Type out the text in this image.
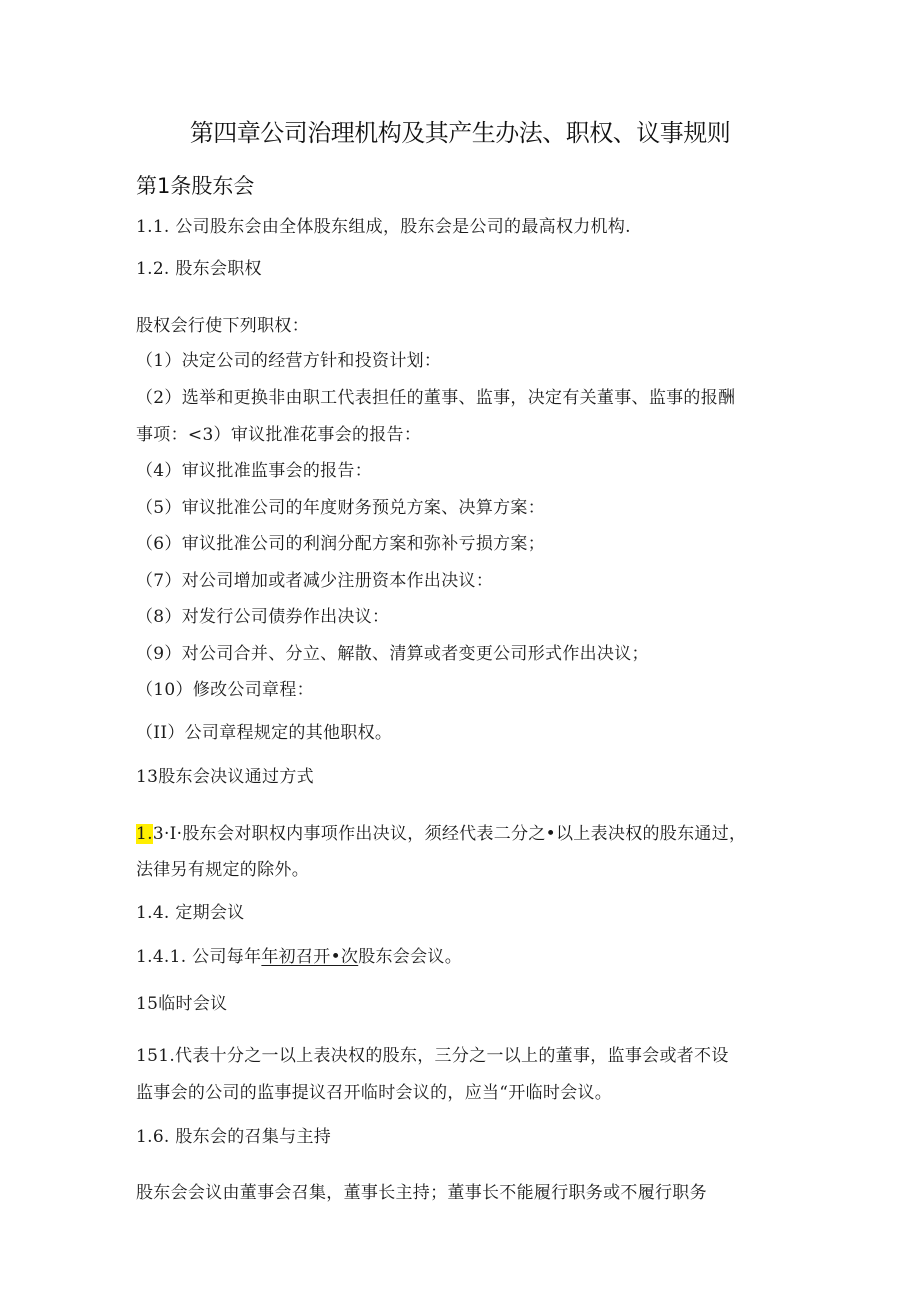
第四章公司治理机构及其产生办法、职权、议事规则
第1条股东会
1.1. 公司股东会由全体股东组成，股东会是公司的最高权力机构.
1.2. 股东会职权
股权会行使下列职权：
（1）决定公司的经营方针和投资计划：
（2）选举和更换非由职工代表担任的董事、监事，决定有关董事、监事的报酬
事项：<3）审议批准花事会的报告：
（4）审议批准监事会的报告：
（5）审议批准公司的年度财务预兑方案、决算方案：
（6）审议批准公司的利润分配方案和弥补亏损方案；
（7）对公司增加或者减少注册资本作出决议：
（8）对发行公司债券作出决议：
（9）对公司合并、分立、解散、清算或者变更公司形式作出决议；
（10）修改公司章程：
（II）公司章程规定的其他职权。
13股东会决议通过方式
1.3·I·股东会对职权内事项作出决议，须经代表二分之•以上表决权的股东通过，
法律另有规定的除外。
1.4. 定期会议
1.4.1. 公司每年年初召开•次股东会会议。
15临时会议
151.代表十分之一以上表决权的股东，三分之一以上的董事，监事会或者不设
监事会的公司的监事提议召开临时会议的，应当“开临时会议。
1.6. 股东会的召集与主持
股东会会议由董事会召集，董事长主持；董事长不能履行职务或不履行职务
